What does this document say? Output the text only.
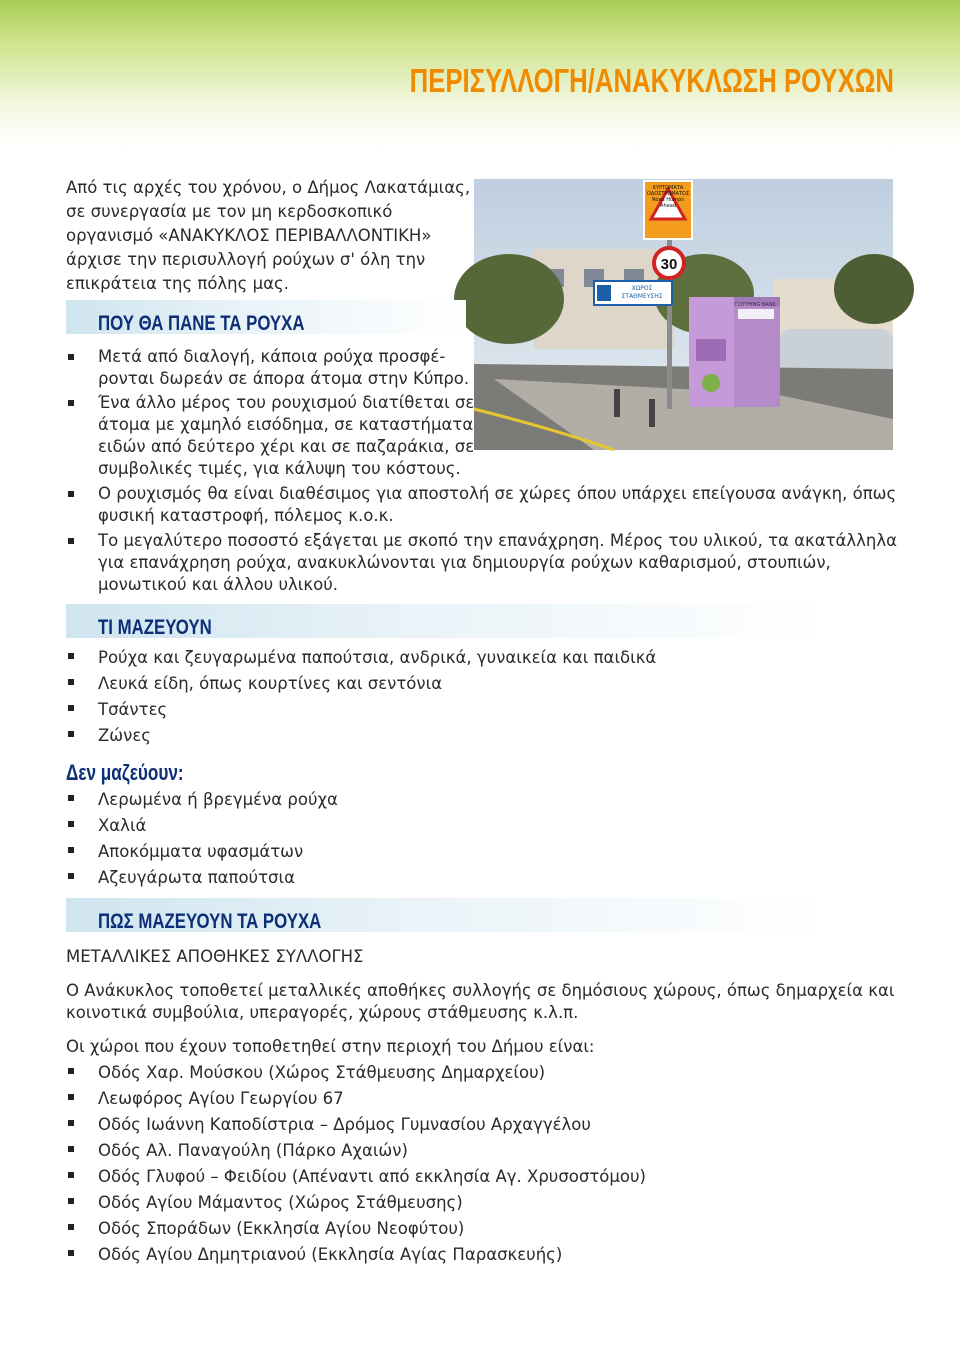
ΠΕΡΙΣΥΛΛΟΓΗ/ΑΝΑΚΥΚΛΩΣΗ ΡΟΥΧΩΝ
Από τις αρχές του χρόνου, ο Δήμος Λακατάμιας,
σε συνεργασία με τον μη κερδοσκοπικό
οργανισμό «ΑΝΑΚΥΚΛΟΣ ΠΕΡΙΒΑΛΛΟΝΤΙΚΗ»
άρχισε την περισυλλογή ρούχων σ' όλη την
επικράτεια της πόλης μας.
30
ΠΟΥ ΘΑ ΠΑΝΕ ΤΑ ΡΟΥΧΑ
Μετά από διαλογή, κάποια ρούχα προσφέ-
ρονται δωρεάν σε άπορα άτομα στην Κύπρο.
Ένα άλλο μέρος του ρουχισμού διατίθεται σε
άτομα με χαμηλό εισόδημα, σε καταστήματα
ειδών από δεύτερο χέρι και σε παζαράκια, σε
συμβολικές τιμές, για κάλυψη του κόστους.
Ο ρουχισμός θα είναι διαθέσιμος για αποστολή σε χώρες όπου υπάρχει επείγουσα ανάγκη, όπως
φυσική καταστροφή, πόλεμος κ.ο.κ.
Το μεγαλύτερο ποσοστό εξάγεται με σκοπό την επανάχρηση. Μέρος του υλικού, τα ακατάλληλα
για επανάχρηση ρούχα, ανακυκλώνονται για δημιουργία ρούχων καθαρισμού, στουπιών,
μονωτικού και άλλου υλικού.
ΤΙ ΜΑΖΕΥΟΥΝ
Ρούχα και ζευγαρωμένα παπούτσια, ανδρικά, γυναικεία και παιδικά
Λευκά είδη, όπως κουρτίνες και σεντόνια
Τσάντες
Ζώνες
Δεν μαζεύουν:
Λερωμένα ή βρεγμένα ρούχα
Χαλιά
Αποκόμματα υφασμάτων
Αζευγάρωτα παπούτσια
ΠΩΣ ΜΑΖΕΥΟΥΝ ΤΑ ΡΟΥΧΑ
ΜΕΤΑΛΛΙΚΕΣ ΑΠΟΘΗΚΕΣ ΣΥΛΛΟΓΗΣ
Ο Ανάκυκλος τοποθετεί μεταλλικές αποθήκες συλλογής σε δημόσιους χώρους, όπως δημαρχεία και
κοινοτικά συμβούλια, υπεραγορές, χώρους στάθμευσης κ.λ.π.
Οι χώροι που έχουν τοποθετηθεί στην περιοχή του Δήμου είναι:
Οδός Χαρ. Μούσκου (Χώρος Στάθμευσης Δημαρχείου)
Λεωφόρος Αγίου Γεωργίου 67
Οδός Ιωάννη Καποδίστρια – Δρόμος Γυμνασίου Αρχαγγέλου
Οδός Αλ. Παναγούλη (Πάρκο Αχαιών)
Οδός Γλυφού – Φειδίου (Απέναντι από εκκλησία Αγ. Χρυσοστόμου)
Οδός Αγίου Μάμαντος (Χώρος Στάθμευσης)
Οδός Σποράδων (Εκκλησία Αγίου Νεοφύτου)
Οδός Αγίου Δημητριανού (Εκκλησία Αγίας Παρασκευής)
ΚΥΡΤΩΜΑΤΑ ΟΔΟΣΤΡΩΜΑΤΟΣ Road Humps Ahead
ΧΩΡΟΣ ΣΤΑΘΜΕΥΣΗΣ
CLOTHING BANK
